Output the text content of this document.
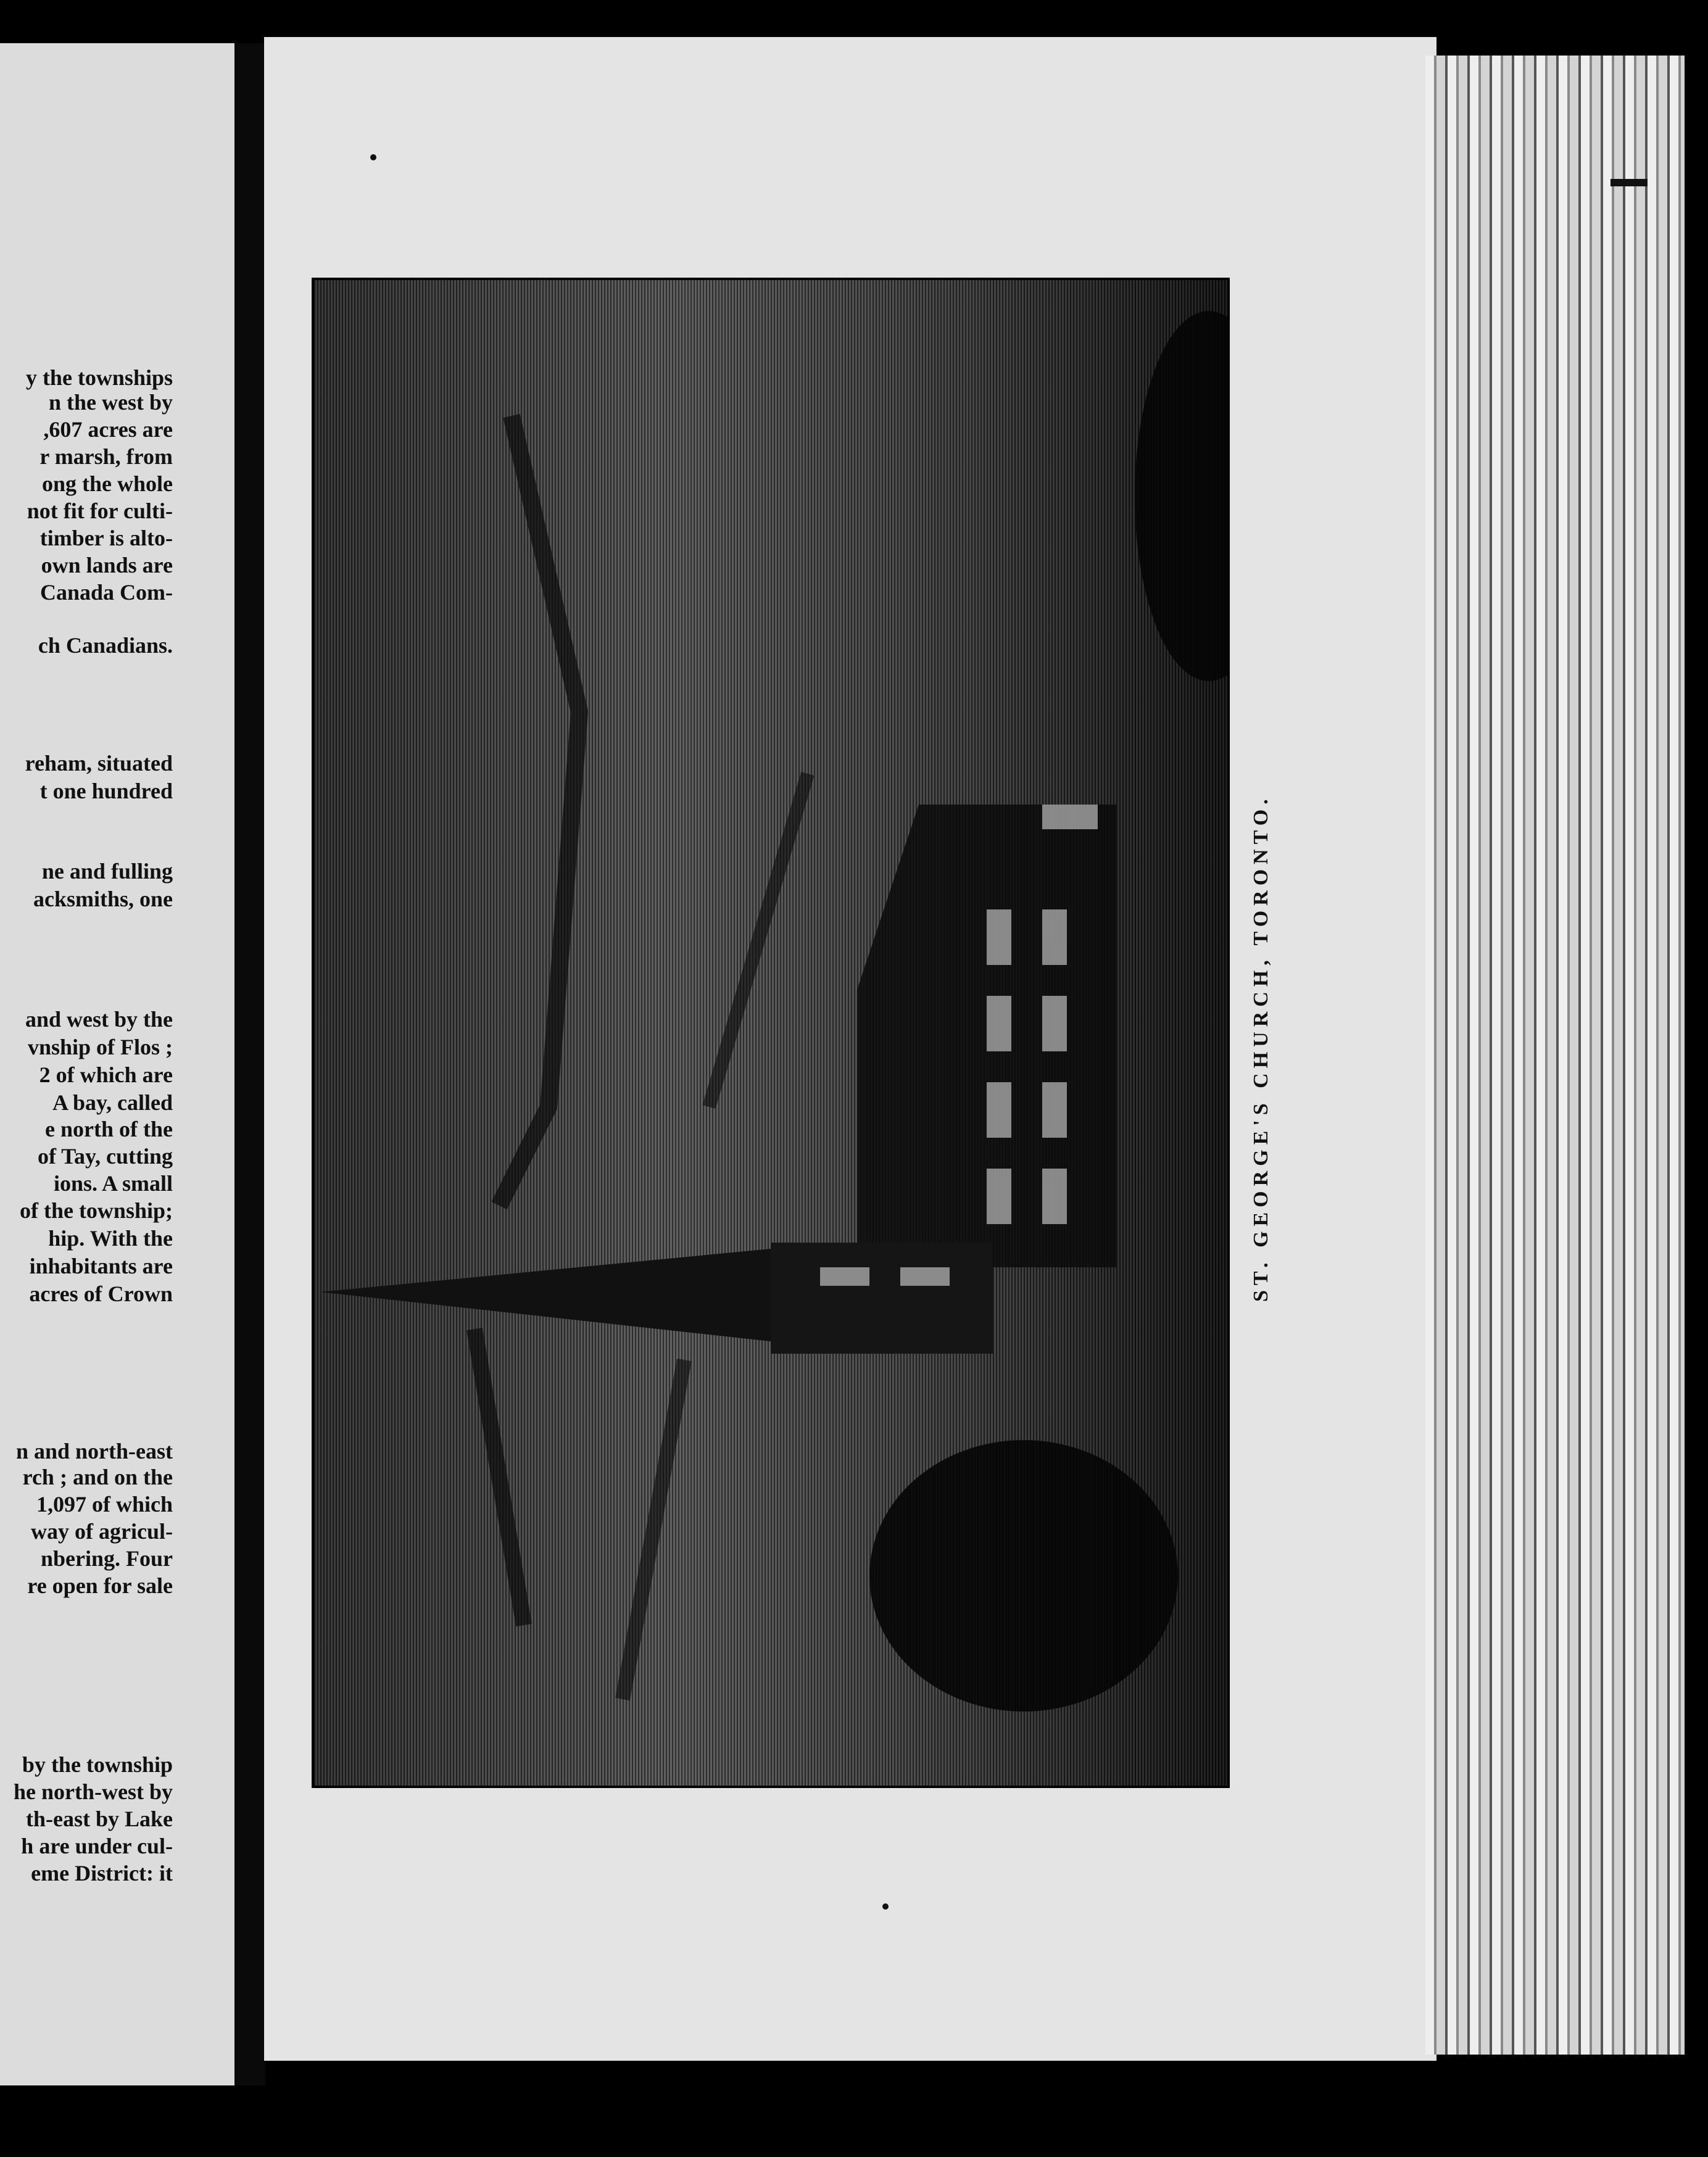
y the townships
n the west by
,607 acres are
r marsh, from
ong the whole
not fit for culti-
timber is alto-
own lands are
Canada Com-
ch Canadians.
reham, situated
t one hundred
ne and fulling
acksmiths, one
and west by the
vnship of Flos ;
2 of which are
A bay, called
e north of the
of Tay, cutting
ions. A small
of the township;
hip. With the
inhabitants are
acres of Crown
n and north-east
rch ; and on the
1,097 of which
way of agricul-
nbering. Four
re open for sale
by the township
he north-west by
th-east by Lake
h are under cul-
eme District: it
ST. GEORGE'S CHURCH, TORONTO.
